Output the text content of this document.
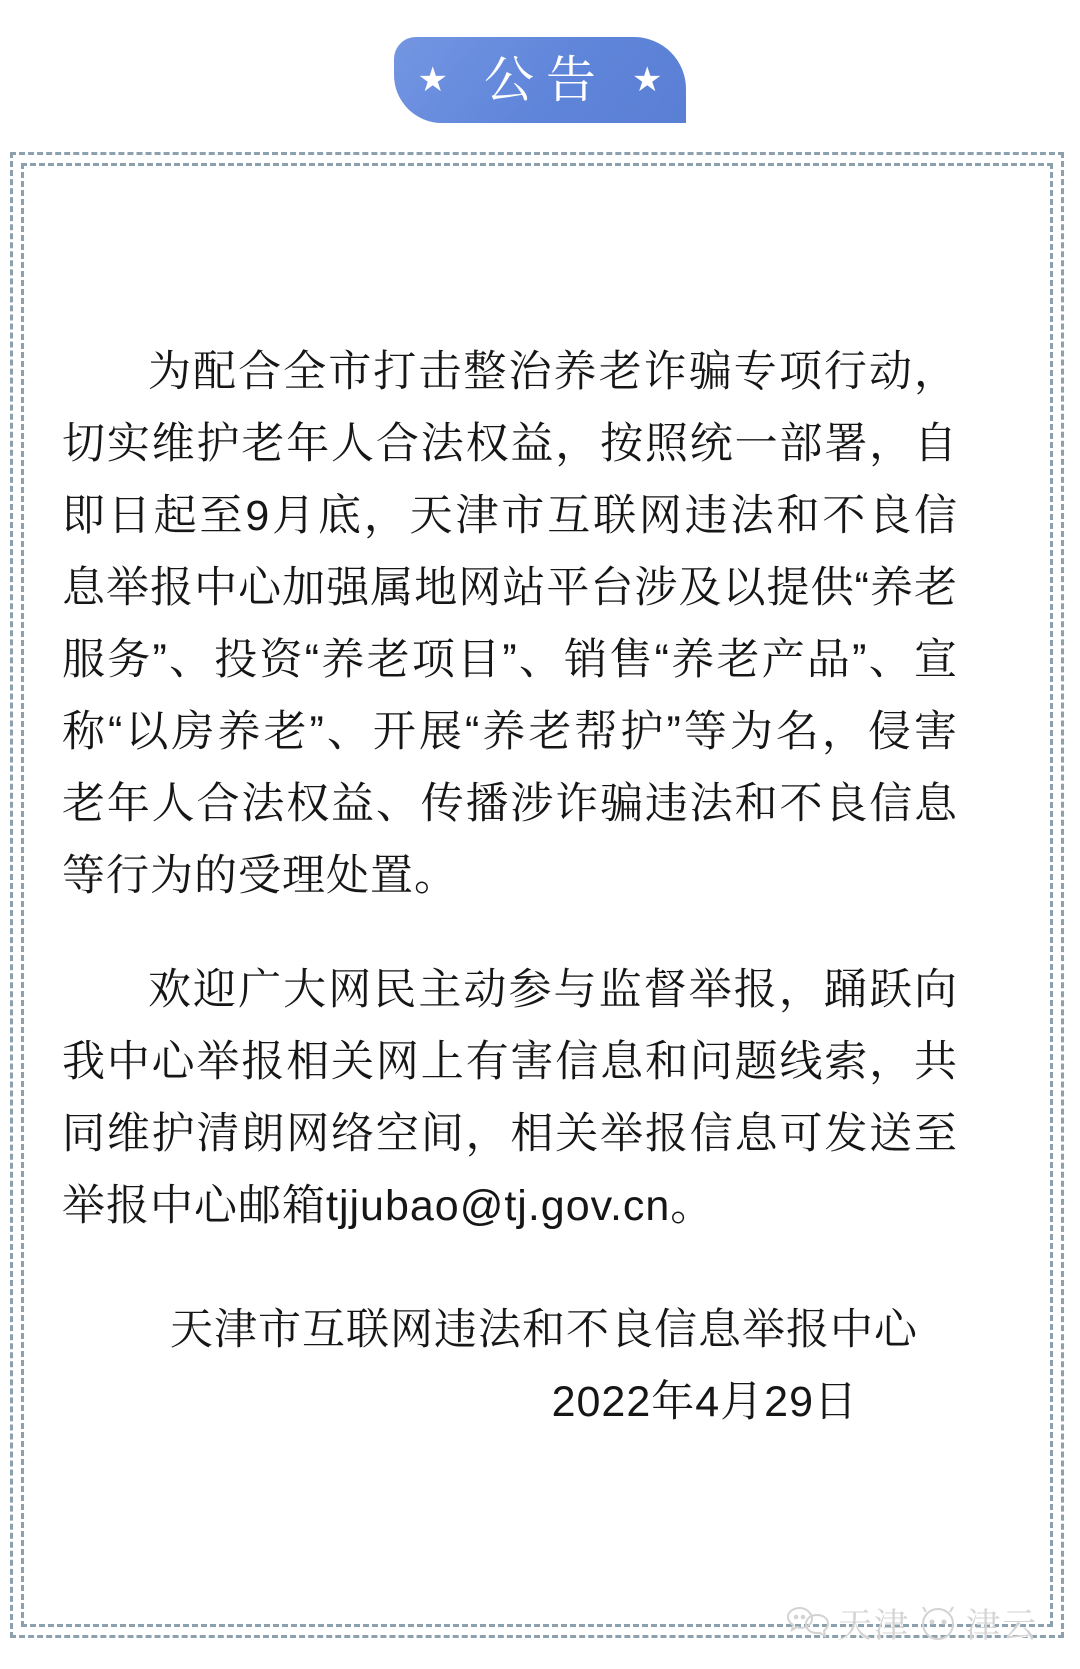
★ 公告 ★

为配合全市打击整治养老诈骗专项行动，切实维护老年人合法权益，按照统一部署，自即日起至9月底，天津市互联网违法和不良信息举报中心加强属地网站平台涉及以提供“养老服务”、投资“养老项目”、销售“养老产品”、宣称“以房养老”、开展“养老帮护”等为名，侵害老年人合法权益、传播涉诈骗违法和不良信息等行为的受理处置。

欢迎广大网民主动参与监督举报，踊跃向我中心举报相关网上有害信息和问题线索，共同维护清朗网络空间，相关举报信息可发送至举报中心邮箱tjjubao@tj.gov.cn。

天津市互联网违法和不良信息举报中心
2022年4月29日
天津 津云
